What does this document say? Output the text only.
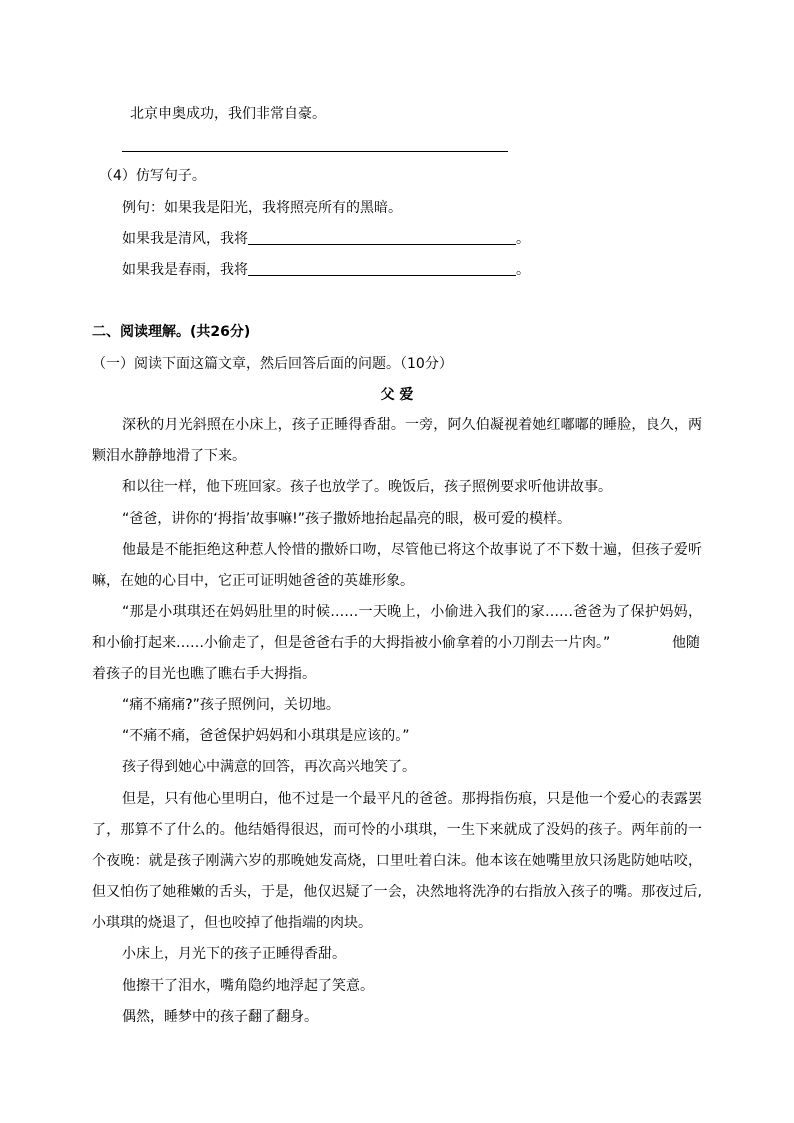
北京申奥成功，我们非常自豪。
（4）仿写句子。
例句：如果我是阳光，我将照亮所有的黑暗。
如果我是清风，我将	。
如果我是春雨，我将	。
二、阅读理解。(共26分)
（一）阅读下面这篇文章，然后回答后面的问题。（10分）
父 爱
深秋的月光斜照在小床上，孩子正睡得香甜。一旁，阿久伯凝视着她红嘟嘟的睡脸，良久，两
颗泪水静静地滑了下来。
和以往一样，他下班回家。孩子也放学了。晚饭后，孩子照例要求听他讲故事。
“爸爸，讲你的‘拇指’故事嘛!”孩子撒娇地抬起晶亮的眼，极可爱的模样。
他最是不能拒绝这种惹人怜惜的撒娇口吻，尽管他已将这个故事说了不下数十遍，但孩子爱听
嘛，在她的心目中，它正可证明她爸爸的英雄形象。
“那是小琪琪还在妈妈肚里的时候……一天晚上，小偷进入我们的家……爸爸为了保护妈妈，
和小偷打起来……小偷走了，但是爸爸右手的大拇指被小偷拿着的小刀削去一片肉。”	他随
着孩子的目光也瞧了瞧右手大拇指。
“痛不痛痛?”孩子照例问，关切地。
“不痛不痛，爸爸保护妈妈和小琪琪是应该的。”
孩子得到她心中满意的回答，再次高兴地笑了。
但是，只有他心里明白，他不过是一个最平凡的爸爸。那拇指伤痕，只是他一个爱心的表露罢
了，那算不了什么的。他结婚得很迟，而可怜的小琪琪，一生下来就成了没妈的孩子。两年前的一
个夜晚：就是孩子刚满六岁的那晚她发高烧，口里吐着白沫。他本该在她嘴里放只汤匙防她咕咬，
但又怕伤了她稚嫩的舌头，于是，他仅迟疑了一会，决然地将洗净的右指放入孩子的嘴。那夜过后,
小琪琪的烧退了，但也咬掉了他指端的肉块。
小床上，月光下的孩子正睡得香甜。
他擦干了泪水，嘴角隐约地浮起了笑意。
偶然，睡梦中的孩子翻了翻身。
